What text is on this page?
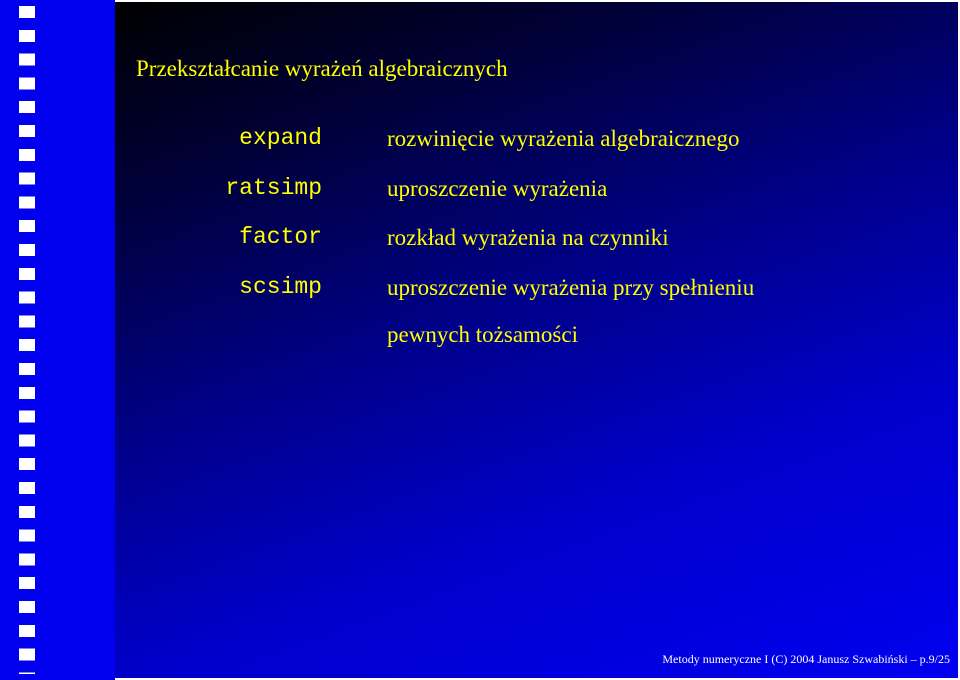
Przekształcanie wyrażeń algebraicznych
expand	rozwinięcie wyrażenia algebraicznego
ratsimp	uproszczenie wyrażenia
factor	rozkład wyrażenia na czynniki
scsimp	uproszczenie wyrażenia przy spełnieniu
pewnych tożsamości
Metody numeryczne I (C) 2004 Janusz Szwabiński – p.9/25
